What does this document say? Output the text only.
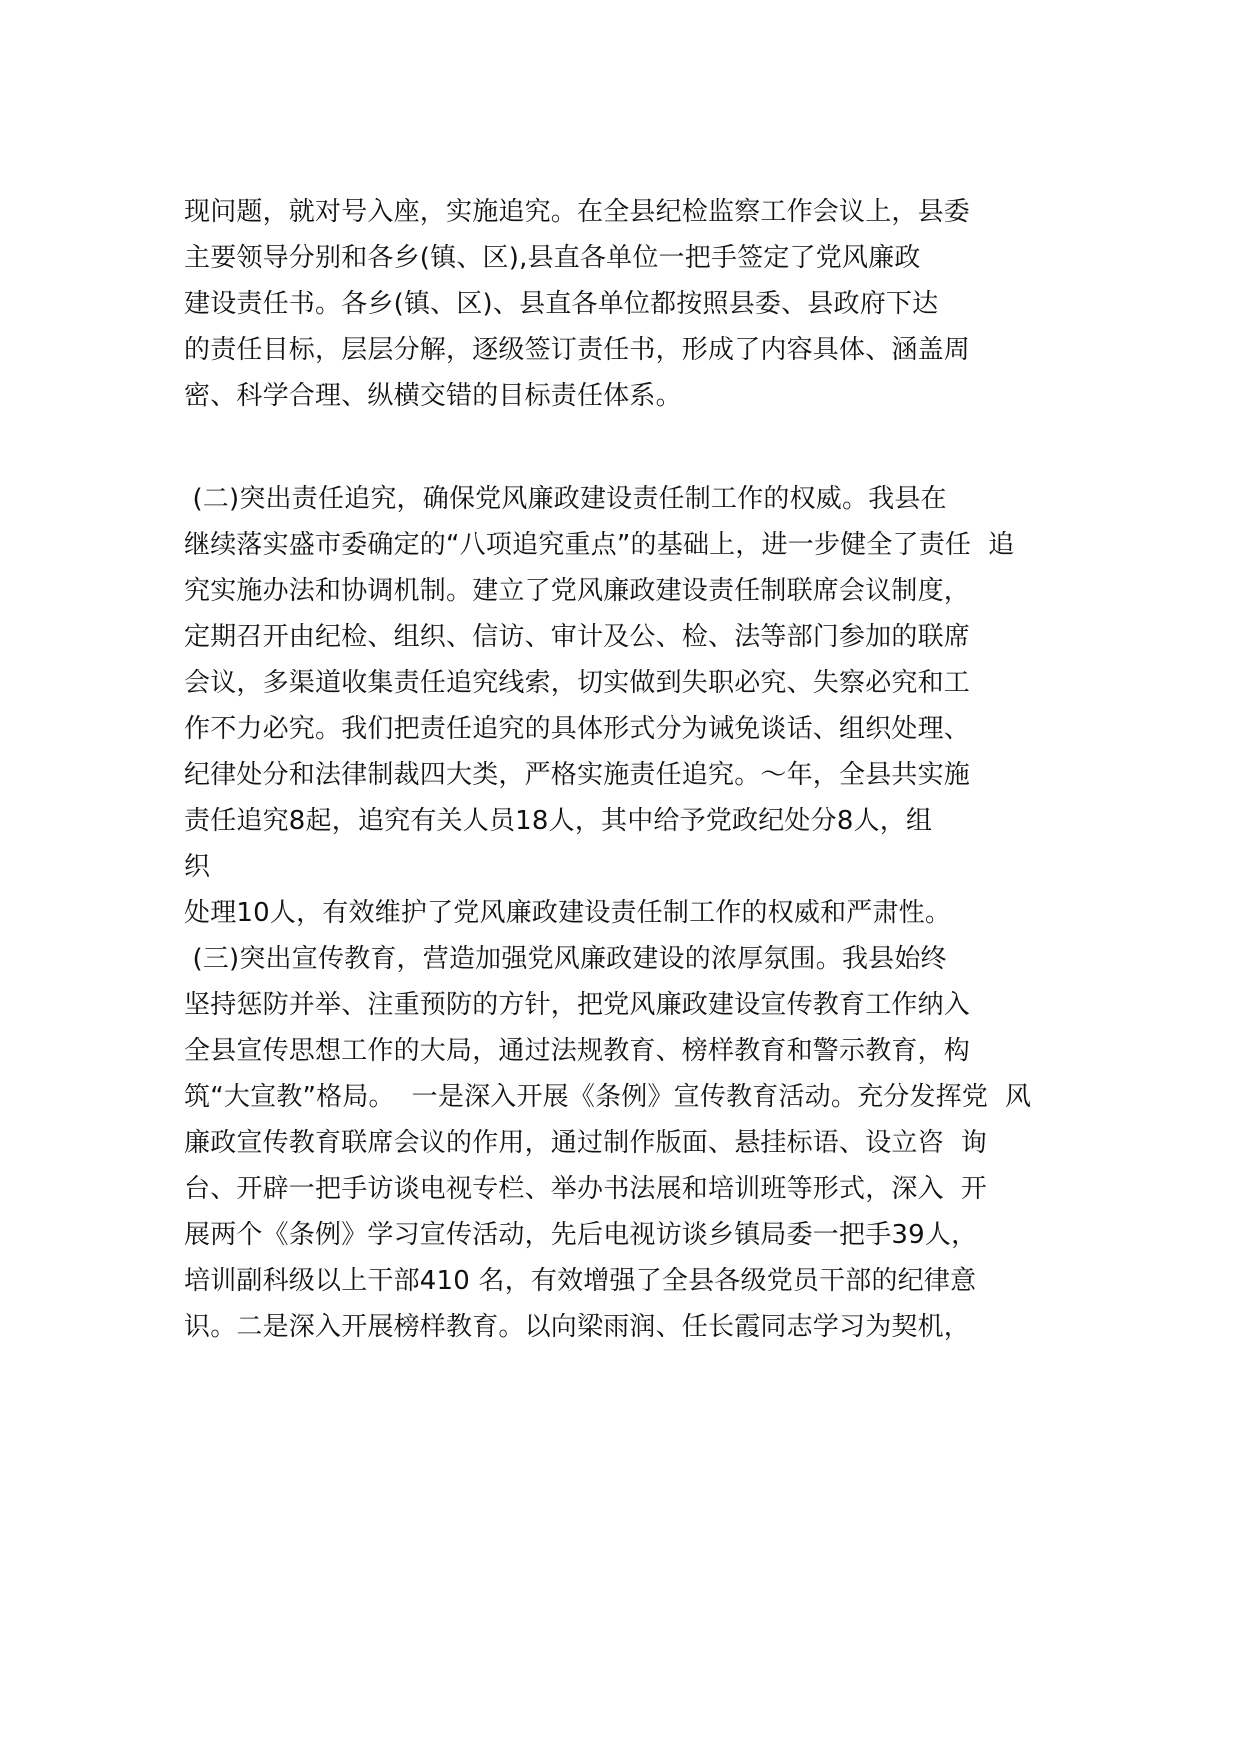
现问题，就对号入座，实施追究。在全县纪检监察工作会议上，县委
主要领导分别和各乡(镇、区),县直各单位一把手签定了党风廉政
建设责任书。各乡(镇、区)、县直各单位都按照县委、县政府下达
的责任目标，层层分解，逐级签订责任书，形成了内容具体、涵盖周
密、科学合理、纵横交错的目标责任体系。
(二)突出责任追究，确保党风廉政建设责任制工作的权威。我县在
继续落实盛市委确定的“八项追究重点”的基础上，进一步健全了责任  追
究实施办法和协调机制。建立了党风廉政建设责任制联席会议制度，
定期召开由纪检、组织、信访、审计及公、检、法等部门参加的联席
会议，多渠道收集责任追究线索，切实做到失职必究、失察必究和工
作不力必究。我们把责任追究的具体形式分为诫免谈话、组织处理、
纪律处分和法律制裁四大类，严格实施责任追究。～年，全县共实施
责任追究8起，追究有关人员18人，其中给予党政纪处分8人，组
织
处理10人，有效维护了党风廉政建设责任制工作的权威和严肃性。
(三)突出宣传教育，营造加强党风廉政建设的浓厚氛围。我县始终
坚持惩防并举、注重预防的方针，把党风廉政建设宣传教育工作纳入
全县宣传思想工作的大局，通过法规教育、榜样教育和警示教育，构
筑“大宣教”格局。  一是深入开展《条例》宣传教育活动。充分发挥党  风
廉政宣传教育联席会议的作用，通过制作版面、悬挂标语、设立咨  询
台、开辟一把手访谈电视专栏、举办书法展和培训班等形式，深入  开
展两个《条例》学习宣传活动，先后电视访谈乡镇局委一把手39人，
培训副科级以上干部410 名，有效增强了全县各级党员干部的纪律意
识。二是深入开展榜样教育。以向梁雨润、任长霞同志学习为契机，
